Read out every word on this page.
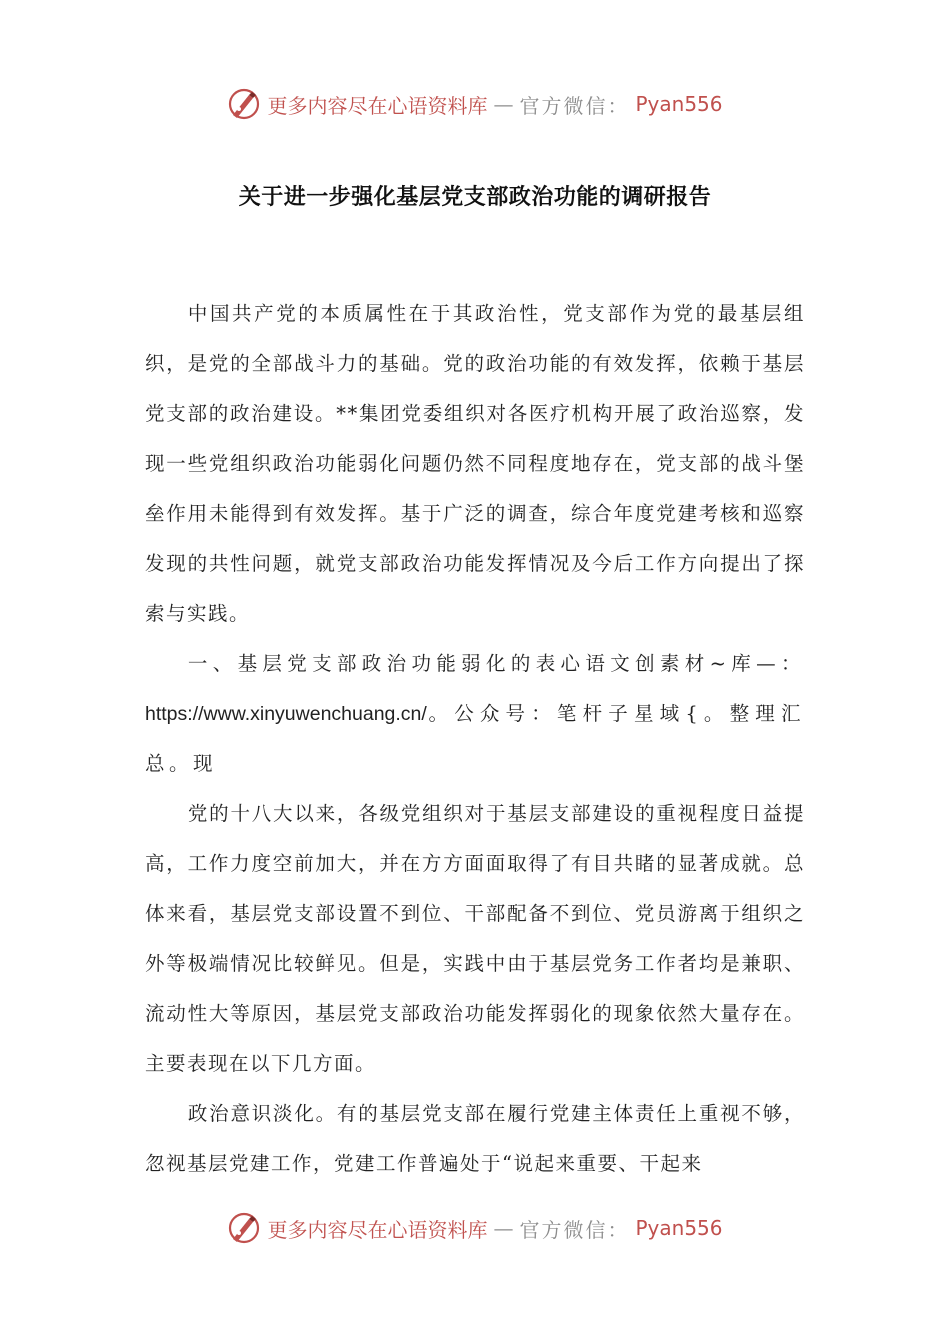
更多内容尽在心语资料库 — 官方微信： Pyan556
关于进一步强化基层党支部政治功能的调研报告

中国共产党的本质属性在于其政治性，党支部作为党的最基层组织，是党的全部战斗力的基础。党的政治功能的有效发挥，依赖于基层党支部的政治建设。**集团党委组织对各医疗机构开展了政治巡察，发现一些党组织政治功能弱化问题仍然不同程度地存在，党支部的战斗堡垒作用未能得到有效发挥。基于广泛的调查，综合年度党建考核和巡察发现的共性问题，就党支部政治功能发挥情况及今后工作方向提出了探索与实践。

一、基层党支部政治功能弱化的表心语文创素材~库—：https://www.xinyuwenchuang.cn/。公众号：笔杆子星域{。整理汇总。现

党的十八大以来，各级党组织对于基层支部建设的重视程度日益提高，工作力度空前加大，并在方方面面取得了有目共睹的显著成就。总体来看，基层党支部设置不到位、干部配备不到位、党员游离于组织之外等极端情况比较鲜见。但是，实践中由于基层党务工作者均是兼职、流动性大等原因，基层党支部政治功能发挥弱化的现象依然大量存在。主要表现在以下几方面。

政治意识淡化。有的基层党支部在履行党建主体责任上重视不够，忽视基层党建工作，党建工作普遍处于“说起来重要、干起来

更多内容尽在心语资料库 — 官方微信： Pyan556
